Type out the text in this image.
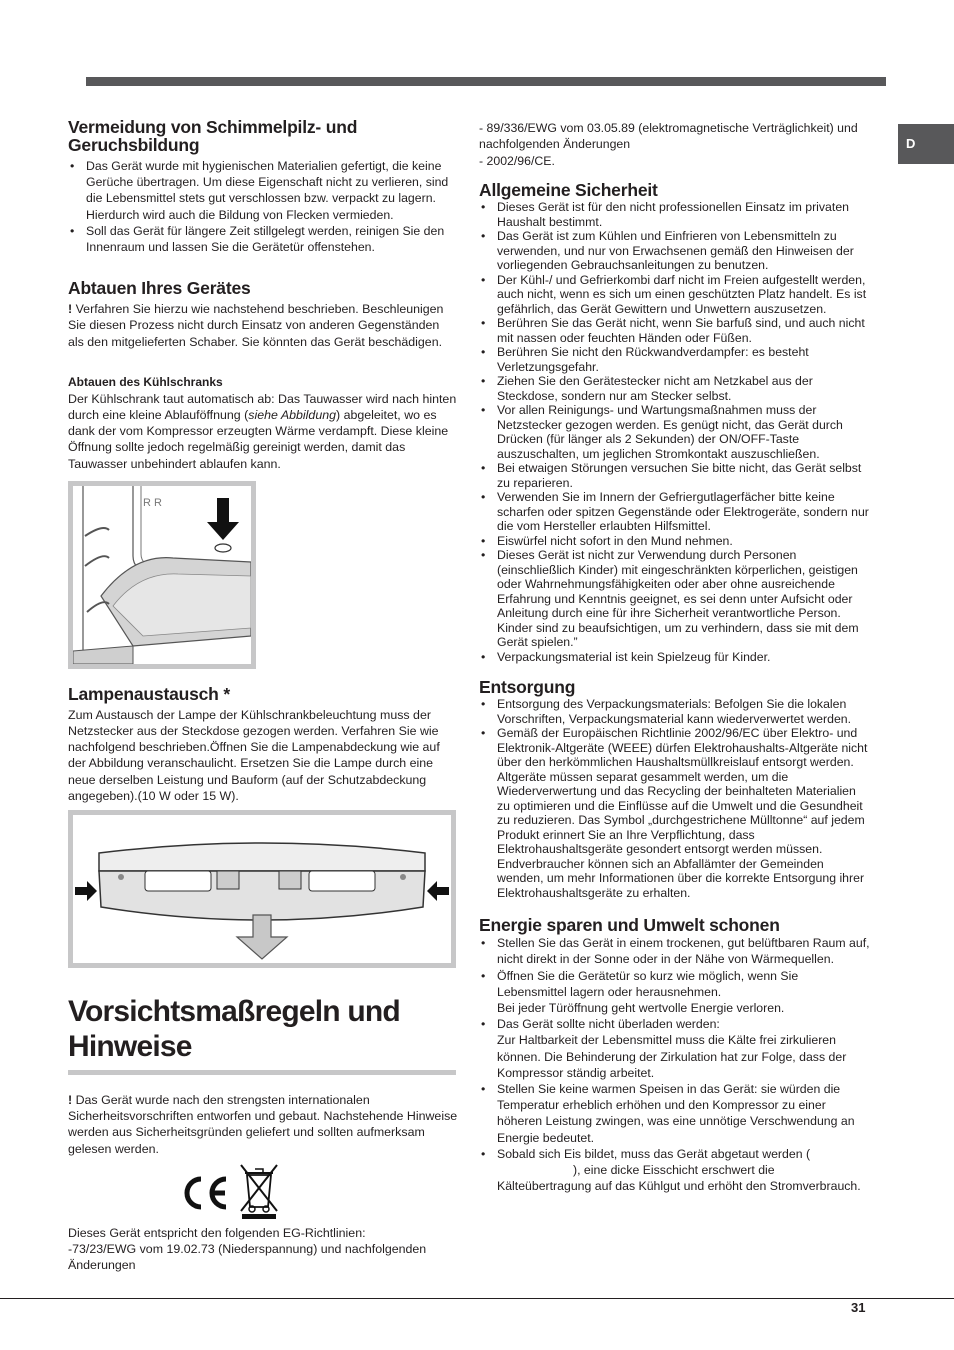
D
Vermeidung von Schimmelpilz- und Geruchsbildung
• Das Gerät wurde mit hygienischen Materialien gefertigt, die keine Gerüche übertragen. Um diese Eigenschaft nicht zu verlieren, sind die Lebensmittel stets gut verschlossen bzw. verpackt zu lagern. Hierdurch wird auch die Bildung von Flecken vermieden.
• Soll das Gerät für längere Zeit stillgelegt werden, reinigen Sie den Innenraum und lassen Sie die Gerätetür offenstehen.
Abtauen Ihres Gerätes

! Verfahren Sie hierzu wie nachstehend beschrieben. Beschleunigen Sie diesen Prozess nicht durch Einsatz von anderen Gegenständen als den mitgelieferten Schaber. Sie könnten das Gerät beschädigen.

Abtauen des Kühlschranks

Der Kühlschrank taut automatisch ab: Das Tauwasser wird nach hinten durch eine kleine Ablauföffnung (siehe Abbildung) abgeleitet, wo es dank der vom Kompressor erzeugten Wärme verdampft. Diese kleine Öffnung sollte jedoch regelmäßig gereinigt werden, damit das Tauwasser unbehindert ablaufen kann.

R R
Lampenaustausch *

Zum Austausch der Lampe der Kühlschrankbeleuchtung muss der Netzstecker aus der Steckdose gezogen werden. Verfahren Sie wie nachfolgend beschrieben.Öffnen Sie die Lampenabdeckung wie auf der Abbildung veranschaulicht. Ersetzen Sie die Lampe durch eine neue derselben Leistung und Bauform (auf der Schutzabdeckung angegeben).(10 W oder 15 W).

Vorsichtsmaßregeln und
Hinweise

! Das Gerät wurde nach den strengsten internationalen Sicherheitsvorschriften entworfen und gebaut. Nachstehende Hinweise werden aus Sicherheitsgründen geliefert und sollten aufmerksam gelesen werden.

Dieses Gerät entspricht den folgenden EG-Richtlinien:

-73/23/EWG vom 19.02.73 (Niederspannung) und nachfolgenden Änderungen

- 89/336/EWG vom 03.05.89 (elektromagnetische Verträglichkeit) und nachfolgenden Änderungen

- 2002/96/CE.

Allgemeine Sicherheit
• Dieses Gerät ist für den nicht professionellen Einsatz im privaten Haushalt bestimmt.
• Das Gerät ist zum Kühlen und Einfrieren von Lebensmitteln zu verwenden, und nur von Erwachsenen gemäß den Hinweisen der vorliegenden Gebrauchsanleitungen zu benutzen.
• Der Kühl-/ und Gefrierkombi darf nicht im Freien aufgestellt werden, auch nicht, wenn es sich um einen geschützten Platz handelt. Es ist gefährlich, das Gerät Gewittern und Unwettern auszusetzen.
• Berühren Sie das Gerät nicht, wenn Sie barfuß sind, und auch nicht mit nassen oder feuchten Händen oder Füßen.
• Berühren Sie nicht den Rückwandverdampfer: es besteht Verletzungsgefahr.
• Ziehen Sie den Gerätestecker nicht am Netzkabel aus der Steckdose, sondern nur am Stecker selbst.
• Vor allen Reinigungs- und Wartungsmaßnahmen muss der Netzstecker gezogen werden. Es genügt nicht, das Gerät durch Drücken (für länger als 2 Sekunden) der ON/OFF-Taste auszuschalten, um jeglichen Stromkontakt auszuschließen.
• Bei etwaigen Störungen versuchen Sie bitte nicht, das Gerät selbst zu reparieren.
• Verwenden Sie im Innern der Gefriergutlagerfächer bitte keine scharfen oder spitzen Gegenstände oder Elektrogeräte, sondern nur die vom Hersteller erlaubten Hilfsmittel.
• Eiswürfel nicht sofort in den Mund nehmen.
• Dieses Gerät ist nicht zur Verwendung durch Personen (einschließlich Kinder) mit eingeschränkten körperlichen, geistigen oder Wahrnehmungsfähigkeiten oder aber ohne ausreichende Erfahrung und Kenntnis geeignet, es sei denn unter Aufsicht oder Anleitung durch eine für ihre Sicherheit verantwortliche Person. Kinder sind zu beaufsichtigen, um zu verhindern, dass sie mit dem Gerät spielen.”
• Verpackungsmaterial ist kein Spielzeug für Kinder.
Entsorgung
• Entsorgung des Verpackungsmaterials: Befolgen Sie die lokalen Vorschriften, Verpackungsmaterial kann wiederverwertet werden.
• Gemäß der Europäischen Richtlinie 2002/96/EC über Elektro- und Elektronik-Altgeräte (WEEE) dürfen Elektrohaushalts-Altgeräte nicht über den herkömmlichen Haushaltsmüllkreislauf entsorgt werden. Altgeräte müssen separat gesammelt werden, um die Wiederverwertung und das Recycling der beinhalteten Materialien zu optimieren und die Einflüsse auf die Umwelt und die Gesundheit zu reduzieren. Das Symbol „durchgestrichene Mülltonne“ auf jedem Produkt erinnert Sie an Ihre Verpflichtung, dass Elektrohaushaltsgeräte gesondert entsorgt werden müssen.
Endverbraucher können sich an Abfallämter der Gemeinden wenden, um mehr Informationen über die korrekte Entsorgung ihrer Elektrohaushaltsgeräte zu erhalten.
Energie sparen und Umwelt schonen
• Stellen Sie das Gerät in einem trockenen, gut belüftbaren Raum auf, nicht direkt in der Sonne oder in der Nähe von Wärmequellen.
• Öffnen Sie die Gerätetür so kurz wie möglich, wenn Sie Lebensmittel lagern oder herausnehmen.
Bei jeder Türöffnung geht wertvolle Energie verloren.
• Das Gerät sollte nicht überladen werden:
Zur Haltbarkeit der Lebensmittel muss die Kälte frei zirkulieren können. Die Behinderung der Zirkulation hat zur Folge, dass der Kompressor ständig arbeitet.
• Stellen Sie keine warmen Speisen in das Gerät: sie würden die Temperatur erheblich erhöhen und den Kompressor zu einer höheren Leistung zwingen, was eine unnötige Verschwendung an Energie bedeutet.
• Sobald sich Eis bildet, muss das Gerät abgetaut werden (
), eine dicke Eisschicht erschwert die Kälteübertragung auf das Kühlgut und erhöht den Stromverbrauch.
31
